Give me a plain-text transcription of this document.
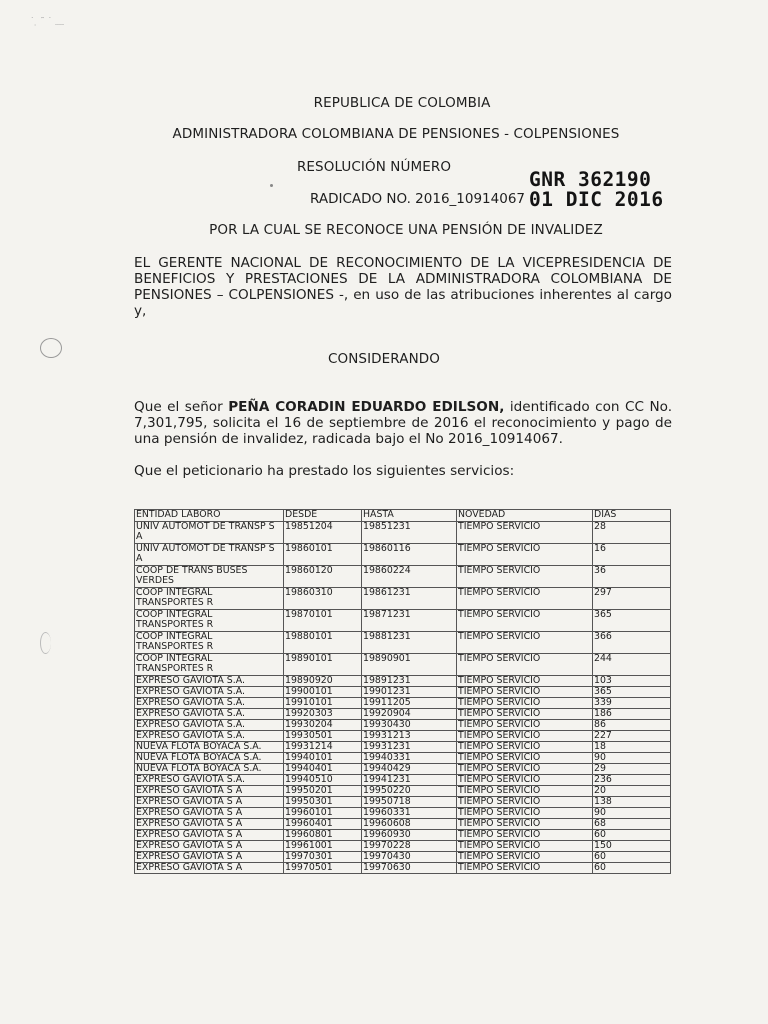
˙ ̣ ˜ ˙ ﹏
REPUBLICA DE COLOMBIA
ADMINISTRADORA COLOMBIANA DE PENSIONES - COLPENSIONES
RESOLUCIÓN NÚMERO
RADICADO NO. 2016_10914067
GNR 362190
01 DIC 2016
POR LA CUAL SE RECONOCE UNA PENSIÓN DE INVALIDEZ
EL GERENTE NACIONAL DE RECONOCIMIENTO DE LA VICEPRESIDENCIA DE BENEFICIOS Y PRESTACIONES DE LA ADMINISTRADORA COLOMBIANA DE PENSIONES – COLPENSIONES -, en uso de las atribuciones inherentes al cargo
y,
CONSIDERANDO
Que el señor PEÑA CORADIN EDUARDO EDILSON, identificado con CC No. 7,301,795, solicita el 16 de septiembre de 2016 el reconocimiento y pago de
una pensión de invalidez, radicada bajo el No 2016_10914067.
Que el peticionario ha prestado los siguientes servicios:
ENTIDAD LABORO	DESDE	HASTA	NOVEDAD	DIAS
UNIV AUTOMOT DE TRANSP S A	19851204	19851231	TIEMPO SERVICIO	28
UNIV AUTOMOT DE TRANSP S A	19860101	19860116	TIEMPO SERVICIO	16
COOP DE TRANS BUSES VERDES	19860120	19860224	TIEMPO SERVICIO	36
COOP INTEGRAL TRANSPORTES R	19860310	19861231	TIEMPO SERVICIO	297
COOP INTEGRAL TRANSPORTES R	19870101	19871231	TIEMPO SERVICIO	365
COOP INTEGRAL TRANSPORTES R	19880101	19881231	TIEMPO SERVICIO	366
COOP INTEGRAL TRANSPORTES R	19890101	19890901	TIEMPO SERVICIO	244
EXPRESO GAVIOTA S.A.	19890920	19891231	TIEMPO SERVICIO	103
EXPRESO GAVIOTA S.A.	19900101	19901231	TIEMPO SERVICIO	365
EXPRESO GAVIOTA S.A.	19910101	19911205	TIEMPO SERVICIO	339
EXPRESO GAVIOTA S.A.	19920303	19920904	TIEMPO SERVICIO	186
EXPRESO GAVIOTA S.A.	19930204	19930430	TIEMPO SERVICIO	86
EXPRESO GAVIOTA S.A.	19930501	19931213	TIEMPO SERVICIO	227
NUEVA FLOTA BOYACA S.A.	19931214	19931231	TIEMPO SERVICIO	18
NUEVA FLOTA BOYACA S.A.	19940101	19940331	TIEMPO SERVICIO	90
NUEVA FLOTA BOYACA S.A.	19940401	19940429	TIEMPO SERVICIO	29
EXPRESO GAVIOTA S.A.	19940510	19941231	TIEMPO SERVICIO	236
EXPRESO GAVIOTA S A	19950201	19950220	TIEMPO SERVICIO	20
EXPRESO GAVIOTA S A	19950301	19950718	TIEMPO SERVICIO	138
EXPRESO GAVIOTA S A	19960101	19960331	TIEMPO SERVICIO	90
EXPRESO GAVIOTA S A	19960401	19960608	TIEMPO SERVICIO	68
EXPRESO GAVIOTA S A	19960801	19960930	TIEMPO SERVICIO	60
EXPRESO GAVIOTA S A	19961001	19970228	TIEMPO SERVICIO	150
EXPRESO GAVIOTA S A	19970301	19970430	TIEMPO SERVICIO	60
EXPRESO GAVIOTA S A	19970501	19970630	TIEMPO SERVICIO	60
